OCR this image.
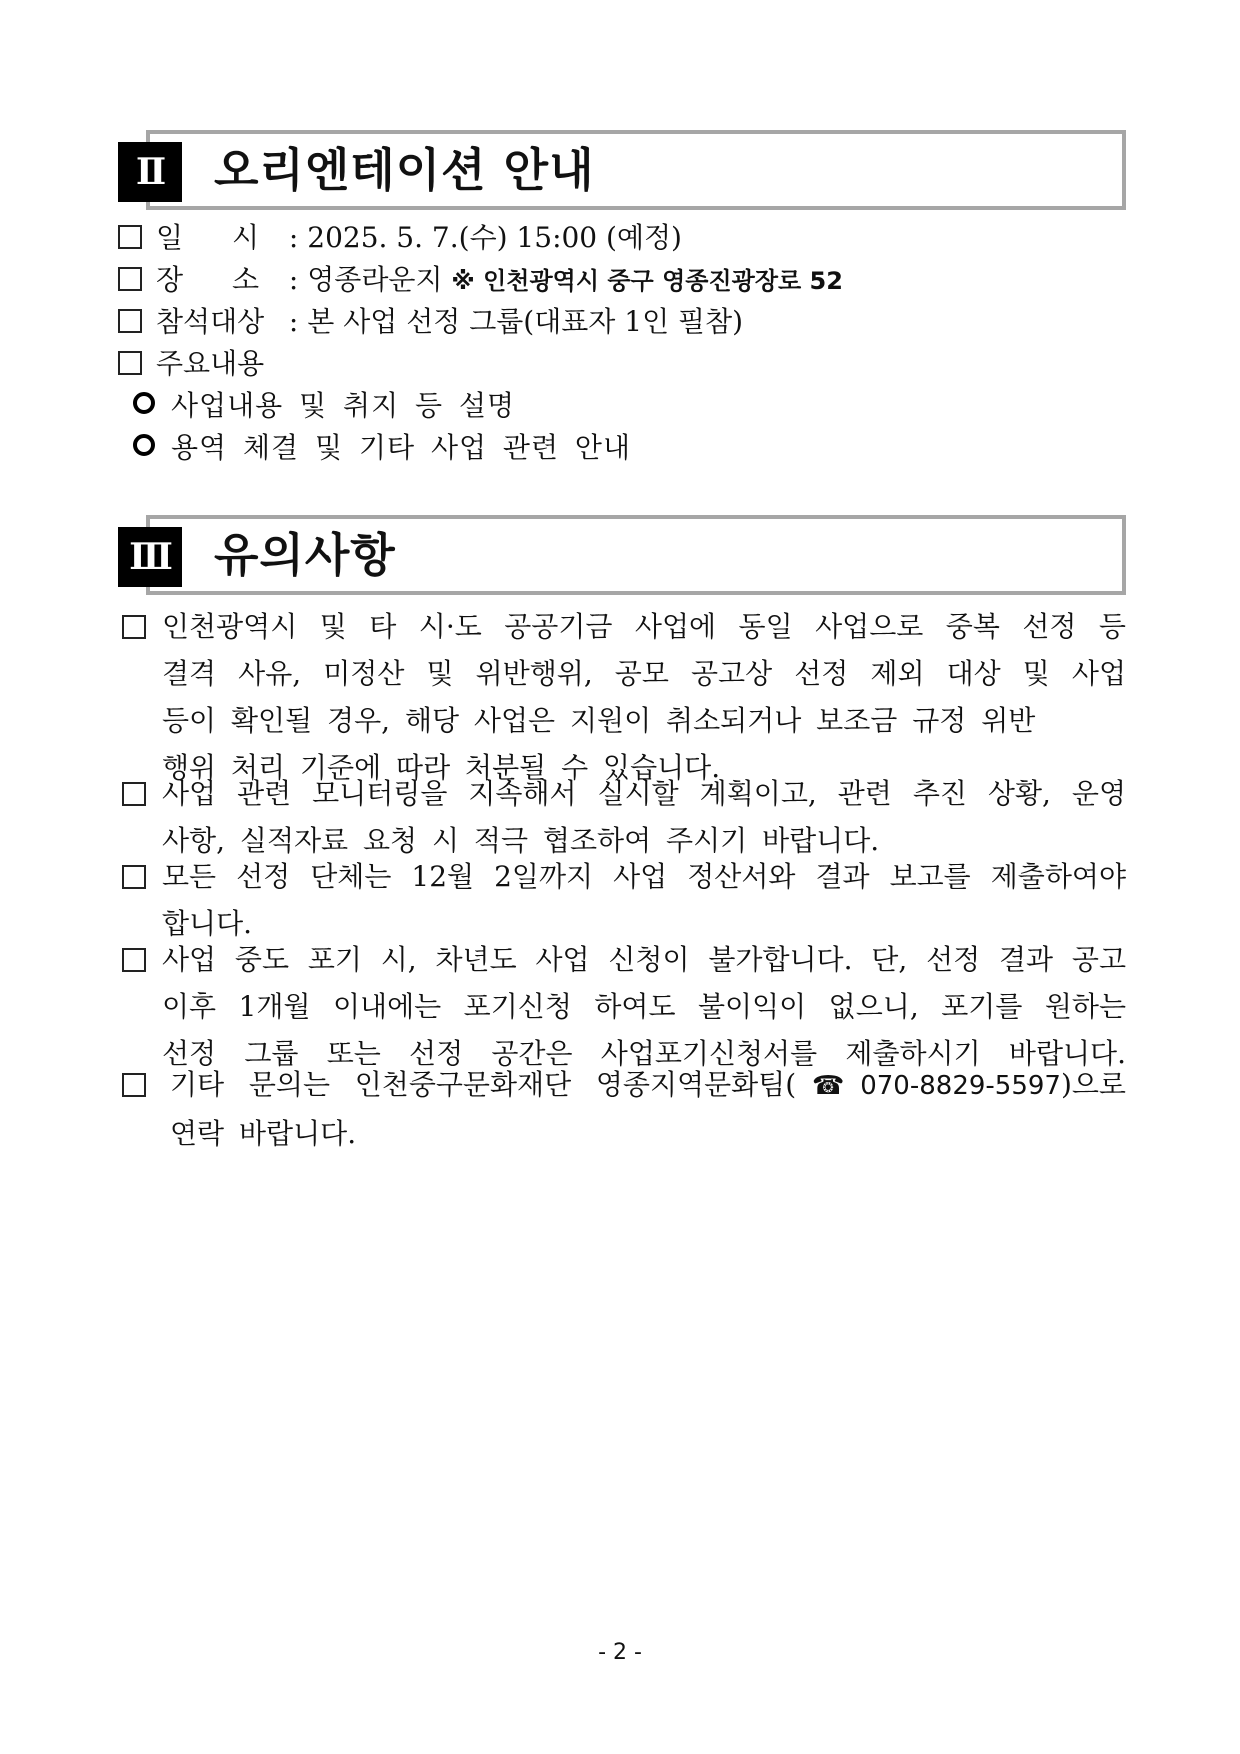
Ⅱ	오리엔테이션 안내
일 시 : 2025. 5. 7.(수) 15:00 (예정)
장 소 : 영종라운지 ※ 인천광역시 중구 영종진광장로 52
참석대상 : 본 사업 선정 그룹(대표자 1인 필참)
주요내용
사업내용 및 취지 등 설명
용역 체결 및 기타 사업 관련 안내
Ⅲ 유의사항
인천광역시 및 타 시·도 공공기금 사업에 동일 사업으로 중복 선정 등
결격 사유, 미정산 및 위반행위, 공모 공고상 선정 제외 대상 및 사업
등이 확인될 경우, 해당 사업은 지원이 취소되거나 보조금 규정 위반
행위 처리 기준에 따라 처분될 수 있습니다.
사업 관련 모니터링을 지속해서 실시할 계획이고, 관련 추진 상황, 운영
사항, 실적자료 요청 시 적극 협조하여 주시기 바랍니다.
모든 선정 단체는 12월 2일까지 사업 정산서와 결과 보고를 제출하여야
합니다.
사업 중도 포기 시, 차년도 사업 신청이 불가합니다. 단, 선정 결과 공고
이후 1개월 이내에는 포기신청 하여도 불이익이 없으니, 포기를 원하는
선정 그룹 또는 선정 공간은 사업포기신청서를 제출하시기 바랍니다.
기타 문의는 인천중구문화재단 영종지역문화팀(☎070-8829-5597)으로
연락 바랍니다.
- 2 -
